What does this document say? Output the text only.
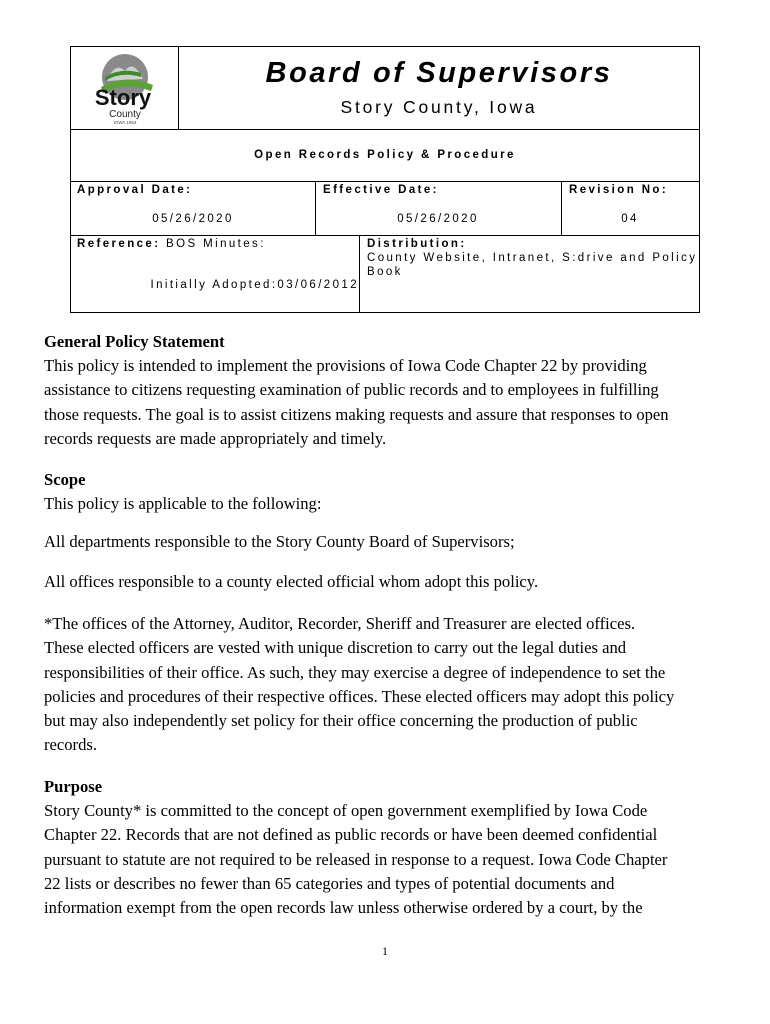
Story
County
IOWA 1853
Board of Supervisors
Story County, Iowa
Open Records Policy & Procedure
Approval Date:
05/26/2020
Effective Date:
05/26/2020
Revision No:
04
Reference: BOS Minutes:
Initially Adopted:03/06/2012
Distribution:
County Website, Intranet, S:drive and Policy
Book
General Policy Statement
This policy is intended to implement the provisions of Iowa Code Chapter 22 by providing
assistance to citizens requesting examination of public records and to employees in fulfilling
those requests. The goal is to assist citizens making requests and assure that responses to open
records requests are made appropriately and timely.
Scope
This policy is applicable to the following:
All departments responsible to the Story County Board of Supervisors;
All offices responsible to a county elected official whom adopt this policy.
*The offices of the Attorney, Auditor, Recorder, Sheriff and Treasurer are elected offices.
These elected officers are vested with unique discretion to carry out the legal duties and
responsibilities of their office. As such, they may exercise a degree of independence to set the
policies and procedures of their respective offices. These elected officers may adopt this policy
but may also independently set policy for their office concerning the production of public
records.
Purpose
Story County* is committed to the concept of open government exemplified by Iowa Code
Chapter 22. Records that are not defined as public records or have been deemed confidential
pursuant to statute are not required to be released in response to a request. Iowa Code Chapter
22 lists or describes no fewer than 65 categories and types of potential documents and
information exempt from the open records law unless otherwise ordered by a court, by the
1
